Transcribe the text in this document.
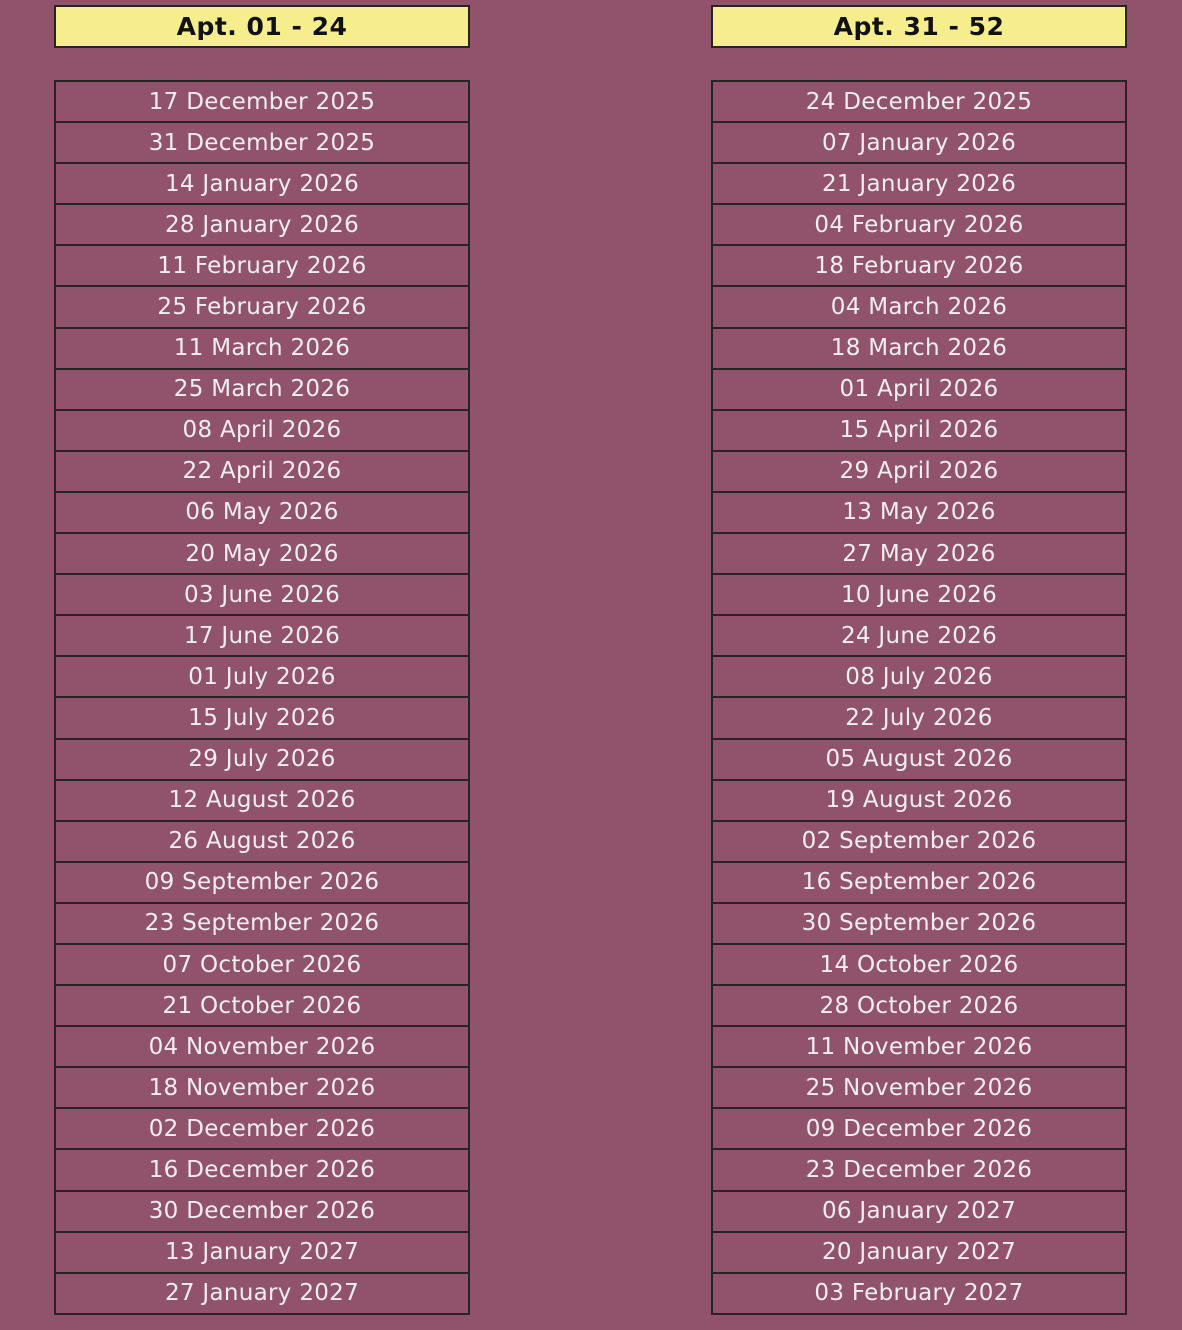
Apt. 01 - 24
17 December 2025
31 December 2025
14 January 2026
28 January 2026
11 February 2026
25 February 2026
11 March 2026
25 March 2026
08 April 2026
22 April 2026
06 May 2026
20 May 2026
03 June 2026
17 June 2026
01 July 2026
15 July 2026
29 July 2026
12 August 2026
26 August 2026
09 September 2026
23 September 2026
07 October 2026
21 October 2026
04 November 2026
18 November 2026
02 December 2026
16 December 2026
30 December 2026
13 January 2027
27 January 2027
Apt. 31 - 52
24 December 2025
07 January 2026
21 January 2026
04 February 2026
18 February 2026
04 March 2026
18 March 2026
01 April 2026
15 April 2026
29 April 2026
13 May 2026
27 May 2026
10 June 2026
24 June 2026
08 July 2026
22 July 2026
05 August 2026
19 August 2026
02 September 2026
16 September 2026
30 September 2026
14 October 2026
28 October 2026
11 November 2026
25 November 2026
09 December 2026
23 December 2026
06 January 2027
20 January 2027
03 February 2027
